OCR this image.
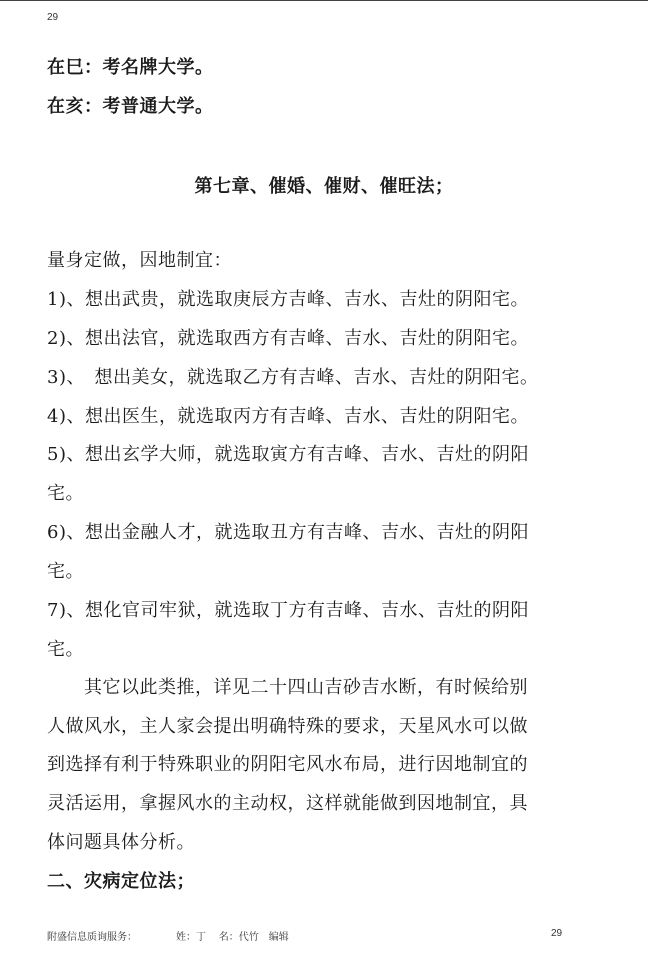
29
在巳：考名牌大学。
在亥：考普通大学。
第七章、催婚、催财、催旺法；
量身定做，因地制宜：
1)、想出武贵，就选取庚辰方吉峰、吉水、吉灶的阴阳宅。
2)、想出法官，就选取西方有吉峰、吉水、吉灶的阴阳宅。
3)、　想出美女，就选取乙方有吉峰、吉水、吉灶的阴阳宅。
4)、想出医生，就选取丙方有吉峰、吉水、吉灶的阴阳宅。
5)、想出玄学大师，就选取寅方有吉峰、吉水、吉灶的阴阳
宅。
6)、想出金融人才，就选取丑方有吉峰、吉水、吉灶的阴阳
宅。
7)、想化官司牢狱，就选取丁方有吉峰、吉水、吉灶的阴阳
宅。
　　其它以此类推，详见二十四山吉砂吉水断，有时候给别
人做风水，主人家会提出明确特殊的要求，天星风水可以做
到选择有利于特殊职业的阴阳宅风水布局，进行因地制宜的
灵活运用，拿握风水的主动权，这样就能做到因地制宜，具
体问题具体分析。
二、灾病定位法；
附盛信息质询服务：	姓：丁　 名：代竹　编辑	29
